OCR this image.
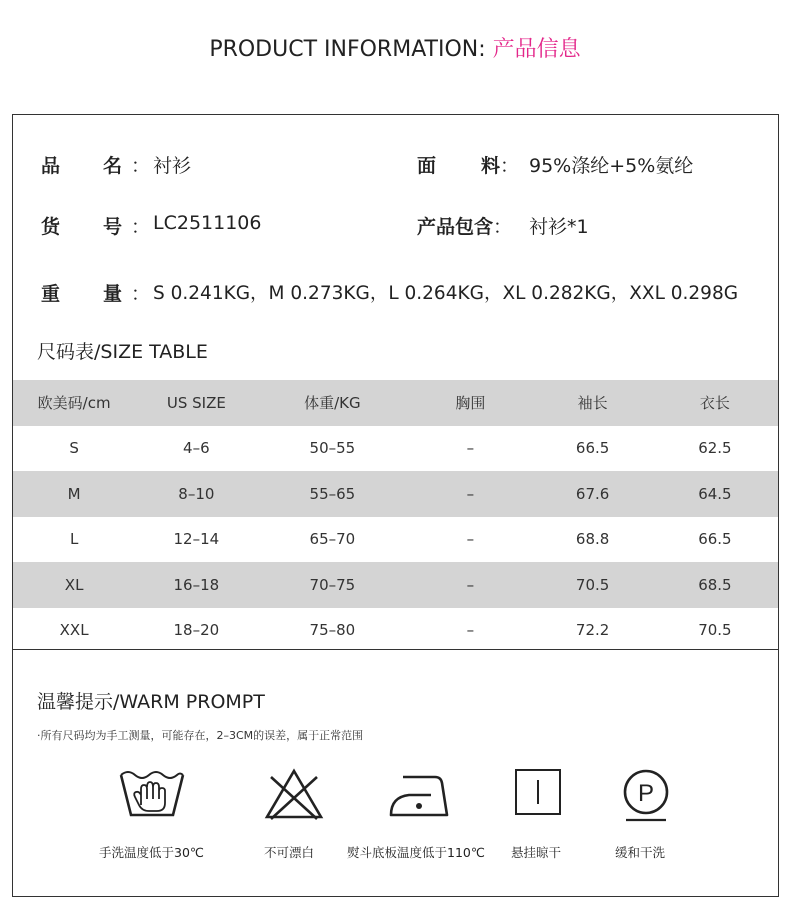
PRODUCT INFORMATION: 产品信息
品 名 ： 衬衫	面 料： 95%涤纶+5%氨纶
货 号 ： LC2511106	产品包含： 衬衫*1
重 量 ： S 0.241KG，M 0.273KG，L 0.264KG，XL 0.282KG，XXL 0.298G
尺码表/SIZE TABLE
欧美码/cm	US SIZE	体重/KG	胸围	袖长	衣长
S	4–6	50–55	–	66.5	62.5
M	8–10	55–65	–	67.6	64.5
L	12–14	65–70	–	68.8	66.5
XL	16–18	70–75	–	70.5	68.5
XXL	18–20	75–80	–	72.2	70.5
温馨提示/WARM PROMPT
·所有尺码均为手工测量，可能存在，2–3CM的误差，属于正常范围
手洗温度低于30℃	不可漂白	熨斗底板温度低于110℃ 悬挂晾干
P
缓和干洗
